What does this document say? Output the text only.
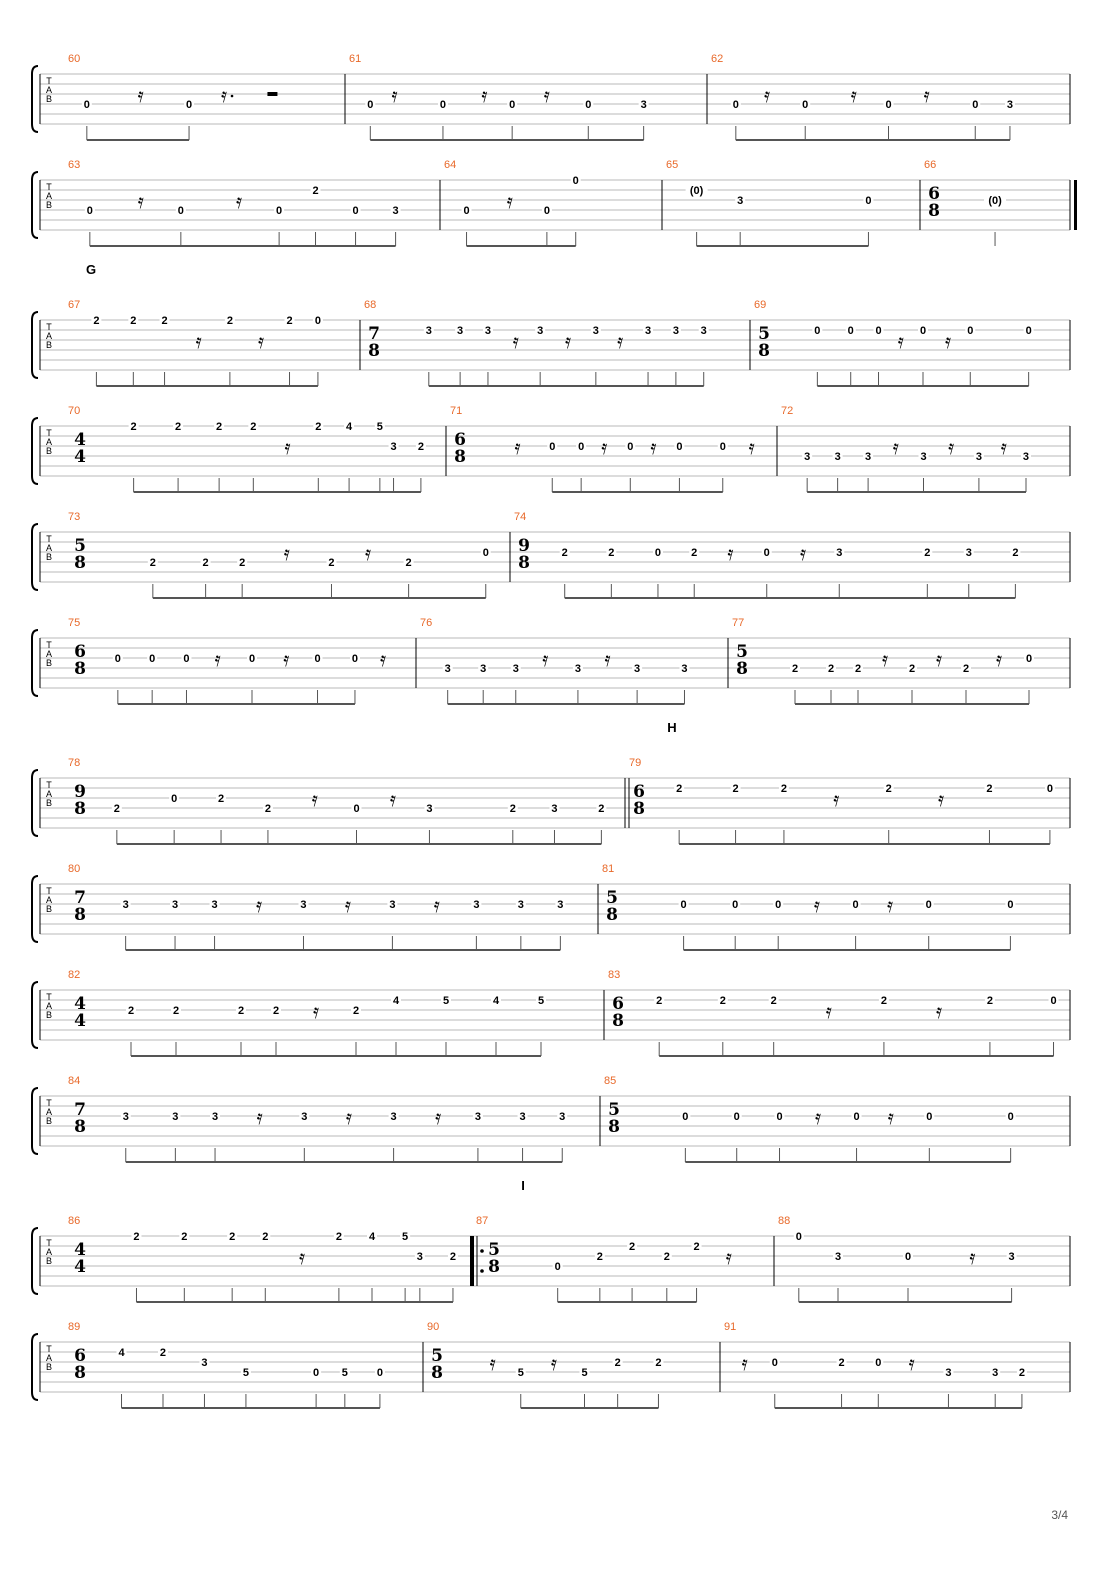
T
A
B
60
0	0
𝄿	𝄿
61
0	0	0	0	3
𝄿	𝄿	𝄿
62
0	0	0	0	3
𝄿	𝄿	𝄿
T
A
B
63
0	0	0
2
0	3
𝄿	𝄿
64
0	0
0
𝄿
65
(0)
3	0
66
6
8	(0)
G
T
A
B
67
2	2 2	2	2 0
𝄿	𝄿
68
7
8
3 3 3	3	3	3 3 3
𝄿 𝄿 𝄿
69
5
8
0 0 0	0	0	0
𝄿 𝄿
T
A
B
70
4
4
2	2	2	2	2 4 5
3 2
𝄿
71
6
8	0 0	0	0	0
𝄿	𝄿 𝄿	𝄿
72
3 3 3	3	3	3
𝄿 𝄿 𝄿
T
A
B
73
5
8	2	2	2	2	2
0
𝄿	𝄿
74
9
8	2	2	0	2	0	3	2	3	2
𝄿	𝄿
T
A
B
75
6
8	0	0	0	0	0	0
𝄿	𝄿	𝄿
76
3	3 3	3	3	3
𝄿	𝄿
77
5
8	2	2 2	2	2
0
𝄿 𝄿	𝄿
H
T
A
B
78
9
8	2
0	2
2	0	3	2	3	2
𝄿	𝄿
79
6
8
2	2	2	2	2	0
𝄿	𝄿
T
A
B
80
7
8	3	3	3	3	3	3	3	3
𝄿	𝄿	𝄿
81
5
8	0	0	0	0	0	0
𝄿	𝄿
T
A
B
82
4
4	2	2	2	2	2
4	5	4	5
𝄿
83
6
8
2	2	2	2	2	0
𝄿	𝄿
T
A
B
84
7
8	3	3	3	3	3	3	3	3
𝄿	𝄿	𝄿
85
5
8	0	0	0	0	0	0
𝄿	𝄿
I
T
A
B
86
4
4
2	2	2 2	2 4 5
3 2
𝄿
87
5
8	0
2
2
2
2 𝄿
88
0
3	0	3
𝄿
T
A
B
89
6
8
4	2
3
5	0 5	0
90
5
8	5	5
2	2
𝄿	𝄿
91
0	2	0
3	3 2
𝄿	𝄿
3/4
